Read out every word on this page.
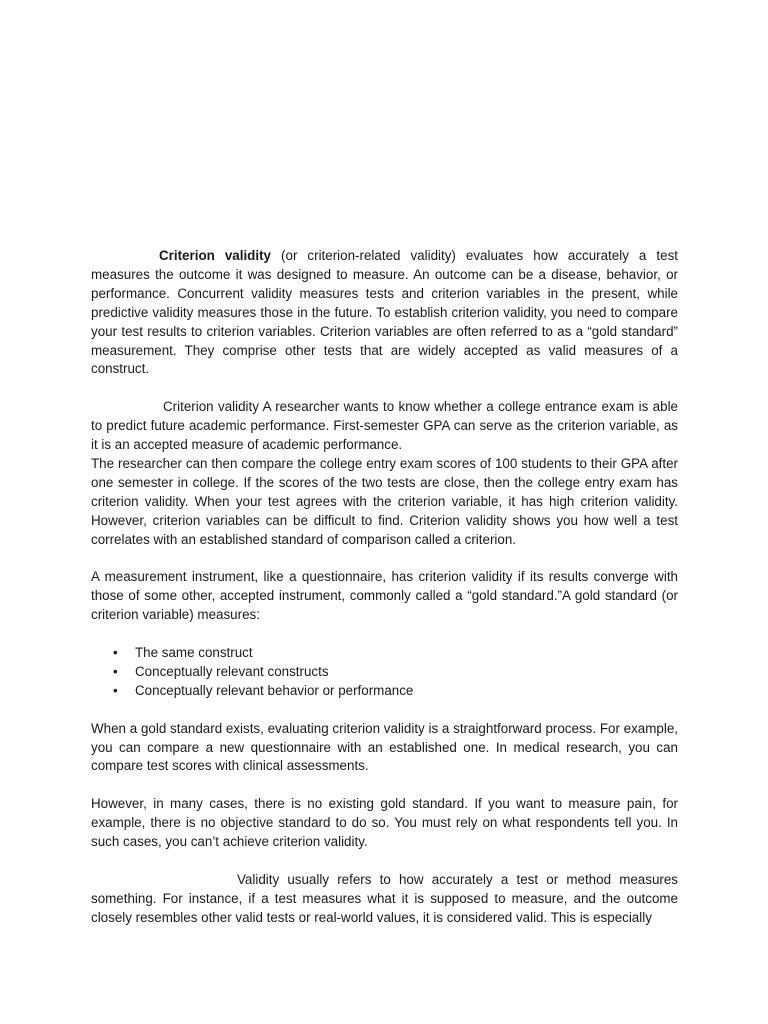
Criterion validity (or criterion-related validity) evaluates how accurately a test measures the outcome it was designed to measure. An outcome can be a disease, behavior, or performance. Concurrent validity measures tests and criterion variables in the present, while predictive validity measures those in the future. To establish criterion validity, you need to compare your test results to criterion variables. Criterion variables are often referred to as a “gold standard” measurement. They comprise other tests that are widely accepted as valid measures of a construct.

Criterion validity A researcher wants to know whether a college entrance exam is able to predict future academic performance. First-semester GPA can serve as the criterion variable, as it is an accepted measure of academic performance.

The researcher can then compare the college entry exam scores of 100 students to their GPA after one semester in college. If the scores of the two tests are close, then the college entry exam has criterion validity. When your test agrees with the criterion variable, it has high criterion validity. However, criterion variables can be difficult to find. Criterion validity shows you how well a test correlates with an established standard of comparison called a criterion.

A measurement instrument, like a questionnaire, has criterion validity if its results converge with those of some other, accepted instrument, commonly called a “gold standard.”A gold standard (or criterion variable) measures:

• The same construct
• Conceptually relevant constructs
• Conceptually relevant behavior or performance

When a gold standard exists, evaluating criterion validity is a straightforward process. For example, you can compare a new questionnaire with an established one. In medical research, you can compare test scores with clinical assessments.

However, in many cases, there is no existing gold standard. If you want to measure pain, for example, there is no objective standard to do so. You must rely on what respondents tell you. In such cases, you can’t achieve criterion validity.

Validity usually refers to how accurately a test or method measures something. For instance, if a test measures what it is supposed to measure, and the outcome closely resembles other valid tests or real-world values, it is considered valid. This is especially
